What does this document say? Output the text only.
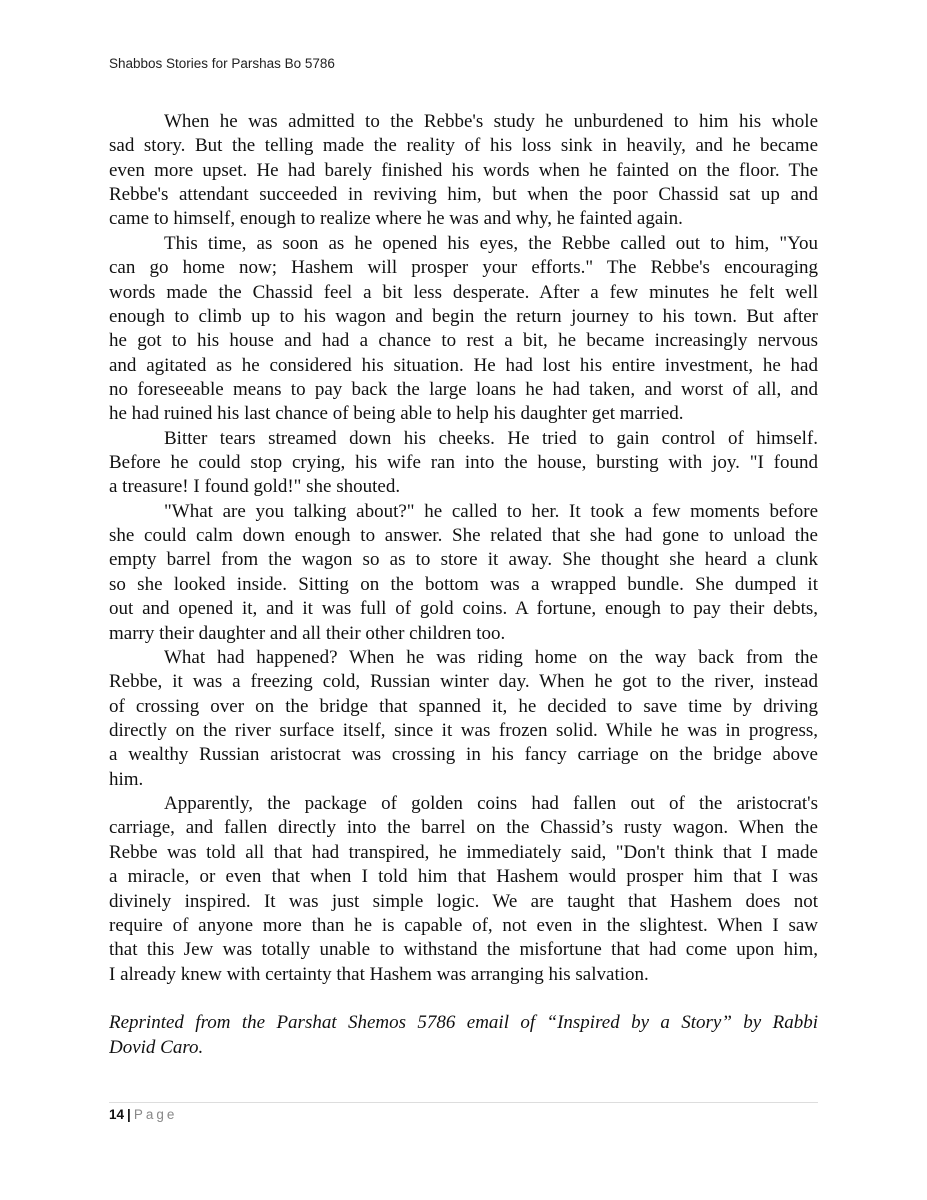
Shabbos Stories for Parshas Bo 5786
When he was admitted to the Rebbe's study he unburdened to him his whole
sad story. But the telling made the reality of his loss sink in heavily, and he became
even more upset. He had barely finished his words when he fainted on the floor. The
Rebbe's attendant succeeded in reviving him, but when the poor Chassid sat up and
came to himself, enough to realize where he was and why, he fainted again.
This time, as soon as he opened his eyes, the Rebbe called out to him, "You
can go home now; Hashem will prosper your efforts." The Rebbe's encouraging
words made the Chassid feel a bit less desperate. After a few minutes he felt well
enough to climb up to his wagon and begin the return journey to his town. But after
he got to his house and had a chance to rest a bit, he became increasingly nervous
and agitated as he considered his situation. He had lost his entire investment, he had
no foreseeable means to pay back the large loans he had taken, and worst of all, and
he had ruined his last chance of being able to help his daughter get married.
Bitter tears streamed down his cheeks. He tried to gain control of himself.
Before he could stop crying, his wife ran into the house, bursting with joy. "I found
a treasure! I found gold!" she shouted.
"What are you talking about?" he called to her. It took a few moments before
she could calm down enough to answer. She related that she had gone to unload the
empty barrel from the wagon so as to store it away. She thought she heard a clunk
so she looked inside. Sitting on the bottom was a wrapped bundle. She dumped it
out and opened it, and it was full of gold coins. A fortune, enough to pay their debts,
marry their daughter and all their other children too.
What had happened? When he was riding home on the way back from the
Rebbe, it was a freezing cold, Russian winter day. When he got to the river, instead
of crossing over on the bridge that spanned it, he decided to save time by driving
directly on the river surface itself, since it was frozen solid. While he was in progress,
a wealthy Russian aristocrat was crossing in his fancy carriage on the bridge above
him.
Apparently, the package of golden coins had fallen out of the aristocrat's
carriage, and fallen directly into the barrel on the Chassid’s rusty wagon. When the
Rebbe was told all that had transpired, he immediately said, "Don't think that I made
a miracle, or even that when I told him that Hashem would prosper him that I was
divinely inspired. It was just simple logic. We are taught that Hashem does not
require of anyone more than he is capable of, not even in the slightest. When I saw
that this Jew was totally unable to withstand the misfortune that had come upon him,
I already knew with certainty that Hashem was arranging his salvation.
Reprinted from the Parshat Shemos 5786 email of “Inspired by a Story” by Rabbi
Dovid Caro.
14 | Page
